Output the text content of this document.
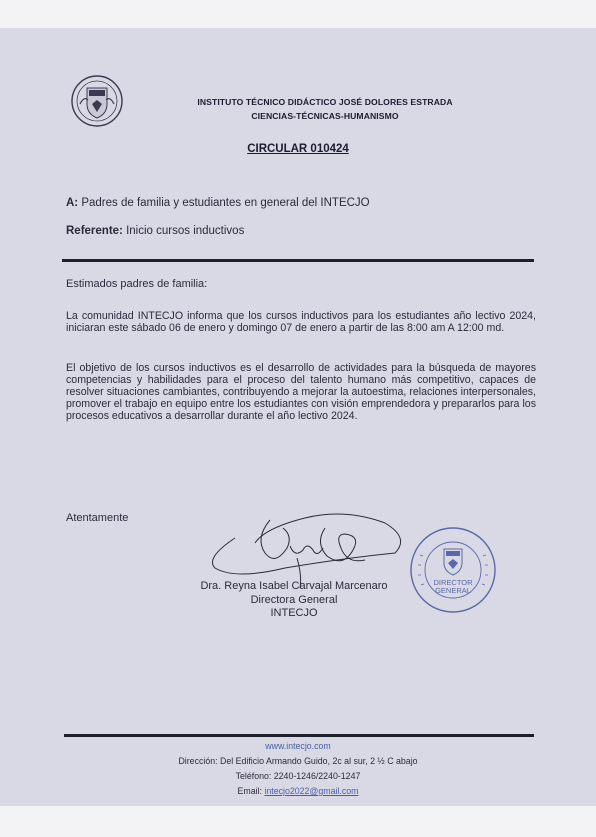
INSTITUTO TÉCNICO DIDÁCTICO JOSÉ DOLORES ESTRADA
CIENCIAS-TÉCNICAS-HUMANISMO
CIRCULAR 010424
A: Padres de familia y estudiantes en general del INTECJO
Referente: Inicio cursos inductivos
Estimados padres de familia:
La comunidad INTECJO informa que los cursos inductivos para los estudiantes año lectivo 2024, iniciaran este sábado 06 de enero y domingo 07 de enero a partir de las 8:00 am A 12:00 md.
El objetivo de los cursos inductivos es el desarrollo de actividades para la búsqueda de mayores competencias y habilidades para el proceso del talento humano más competitivo, capaces de resolver situaciones cambiantes, contribuyendo a mejorar la autoestima, relaciones interpersonales, promover el trabajo en equipo entre los estudiantes con visión emprendedora y prepararlos para los procesos educativos a desarrollar durante el año lectivo 2024.
Atentamente
Dra. Reyna Isabel Carvajal Marcenaro
Directora General
INTECJO
DIRECTOR
GENERAL
www.intecjo.com
Dirección: Del Edificio Armando Guido, 2c al sur, 2 ½ C abajo
Teléfono: 2240-1246/2240-1247
Email: intecjo2022@gmail.com
